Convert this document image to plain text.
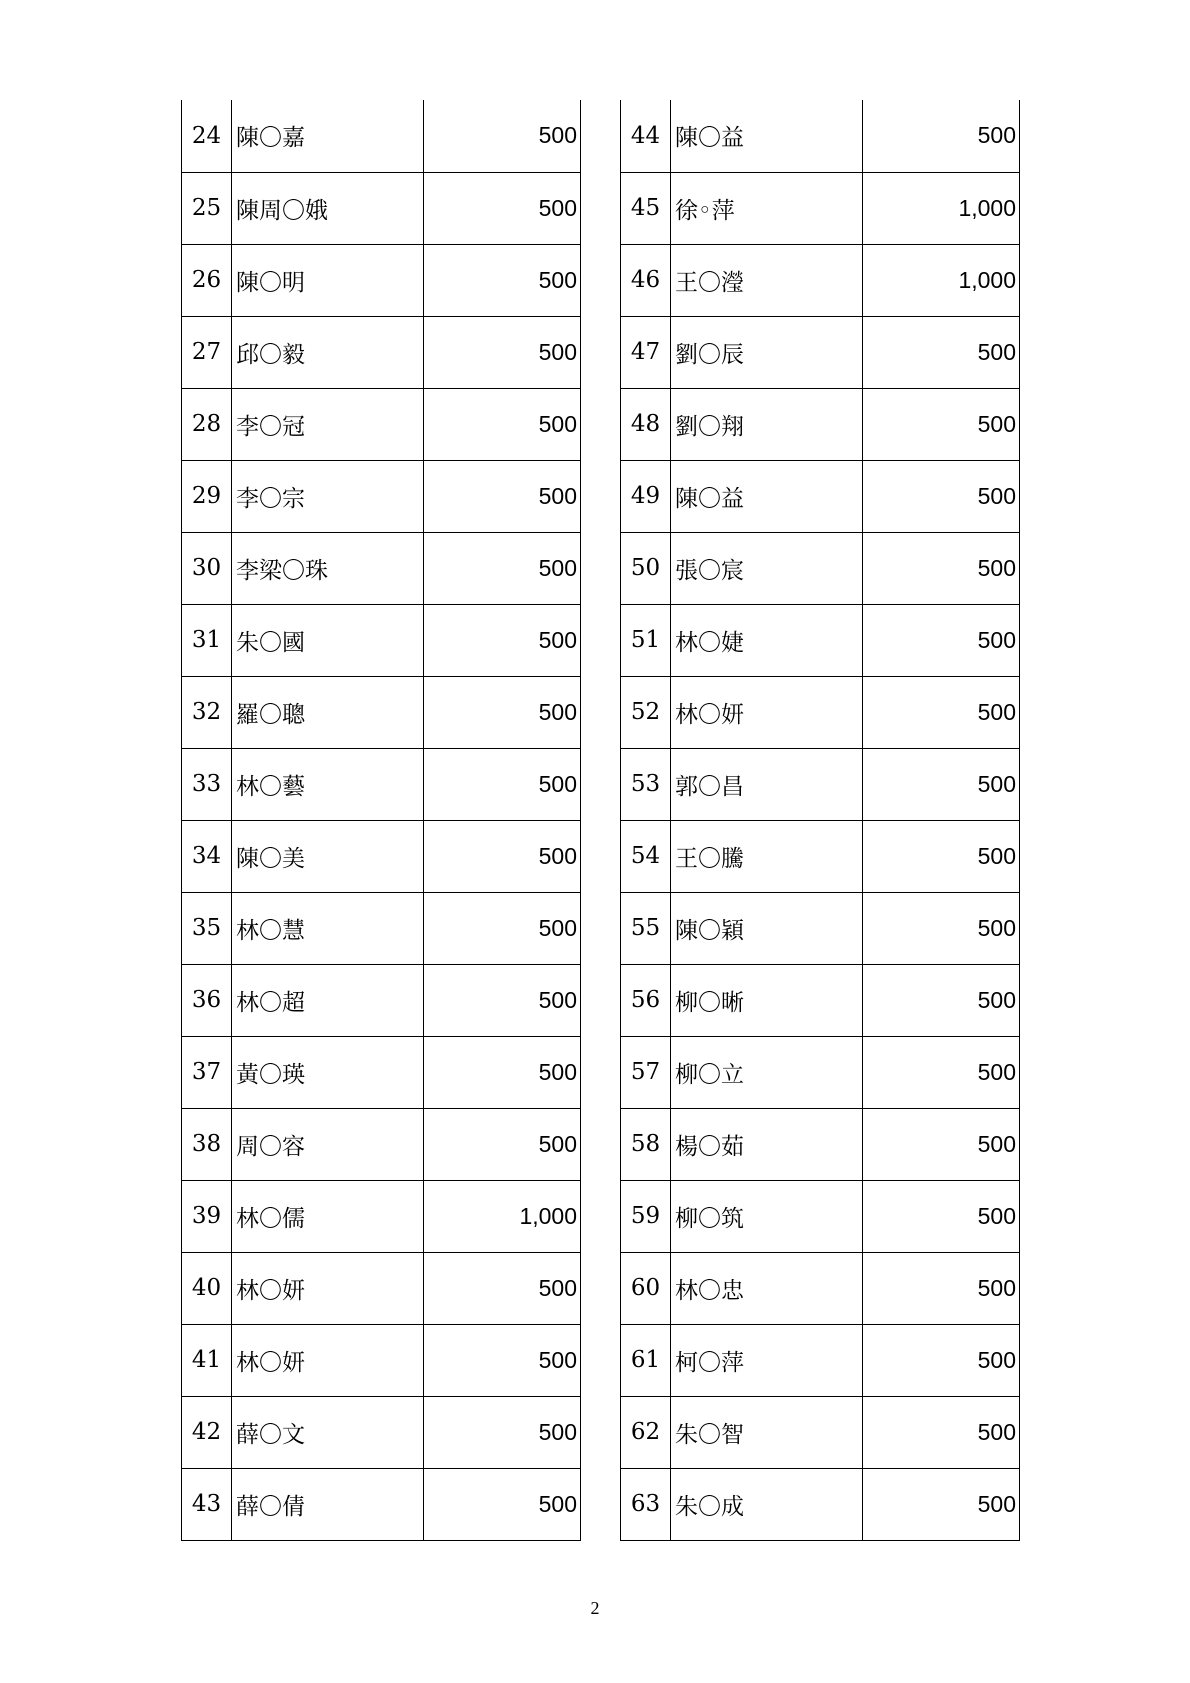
24	陳〇嘉	500
25	陳周〇娥	500
26	陳〇明	500
27	邱〇毅	500
28	李〇冠	500
29	李〇宗	500
30	李梁〇珠	500
31	朱〇國	500
32	羅〇聰	500
33	林〇藝	500
34	陳〇美	500
35	林〇慧	500
36	林〇超	500
37	黃〇瑛	500
38	周〇容	500
39	林〇儒	1,000
40	林〇妍	500
41	林〇妍	500
42	薛〇文	500
43	薛〇倩	500
44	陳〇益	500
45	徐◦萍	1,000
46	王〇瀅	1,000
47	劉〇辰	500
48	劉〇翔	500
49	陳〇益	500
50	張〇宸	500
51	林〇婕	500
52	林〇妍	500
53	郭〇昌	500
54	王〇騰	500
55	陳〇穎	500
56	柳〇晰	500
57	柳〇立	500
58	楊〇茹	500
59	柳〇筑	500
60	林〇忠	500
61	柯〇萍	500
62	朱〇智	500
63	朱〇成	500
2
